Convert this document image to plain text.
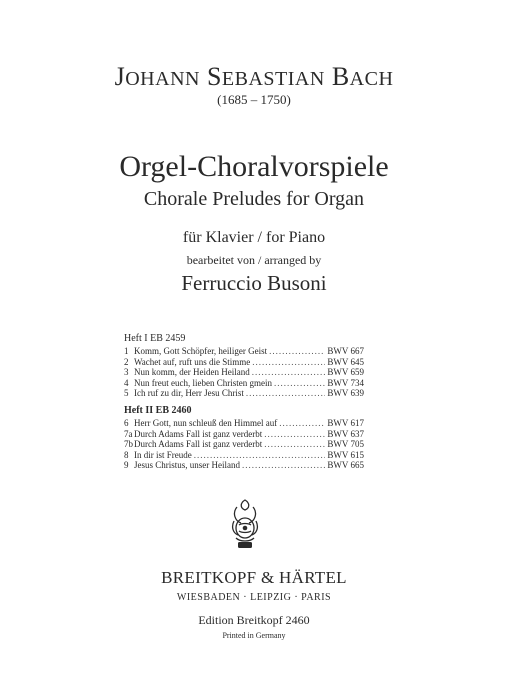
JOHANN SEBASTIAN BACH
(1685 – 1750)
Orgel-Choralvorspiele
Chorale Preludes for Organ
für Klavier / for Piano
bearbeitet von / arranged by
Ferruccio Busoni
Heft I EB 2459
1 Komm, Gott Schöpfer, heiliger Geist .....	BWV 667
2 Wachet auf, ruft uns die Stimme .....	BWV 645
3 Nun komm, der Heiden Heiland .....	BWV 659
4 Nun freut euch, lieben Christen gmein .....	BWV 734
5 Ich ruf zu dir, Herr Jesu Christ .....	BWV 639
Heft II EB 2460
6 Herr Gott, nun schleuß den Himmel auf .....	BWV 617
7a Durch Adams Fall ist ganz verderbt .....	BWV 637
7b Durch Adams Fall ist ganz verderbt .....	BWV 705
8 In dir ist Freude .....	BWV 615
9 Jesus Christus, unser Heiland .....	BWV 665
BREITKOPF & HÄRTEL
WIESBADEN · LEIPZIG · PARIS
Edition Breitkopf 2460
Printed in Germany
